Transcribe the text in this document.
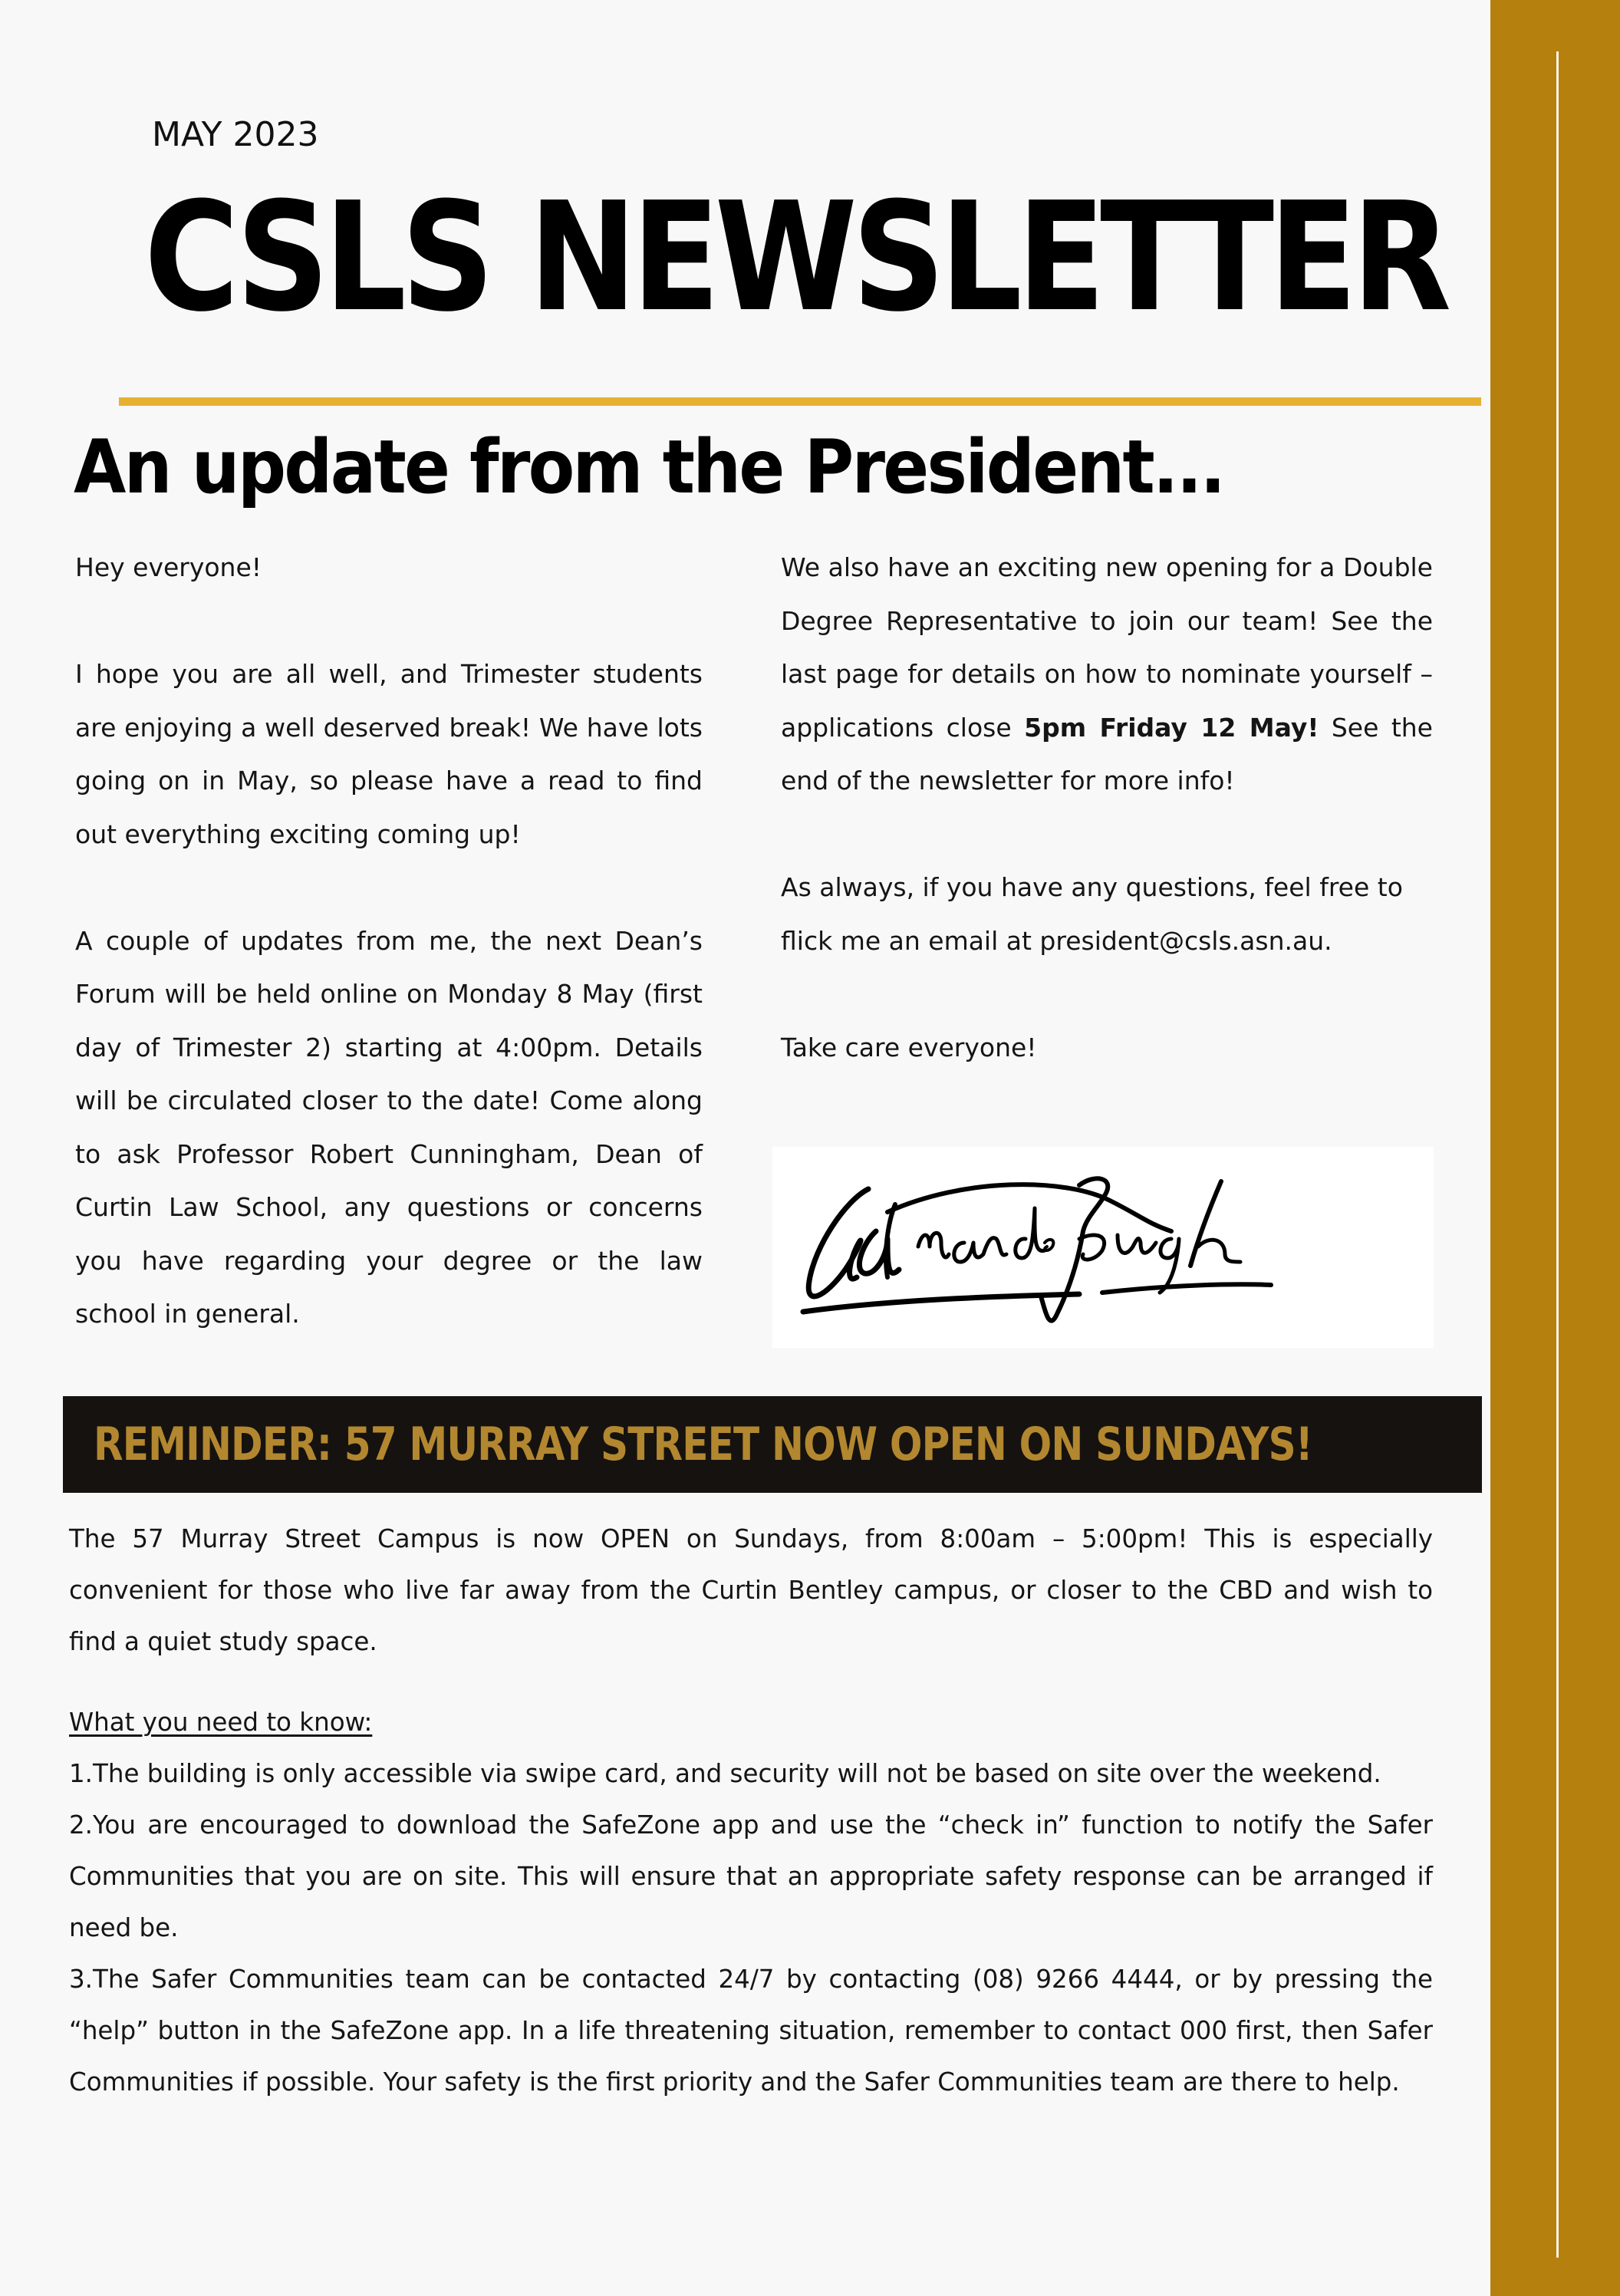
MAY 2023
CSLS NEWSLETTER
An update from the President...

Hey everyone!

I hope you are all well, and Trimester students are enjoying a well deserved break! We have lots going on in May, so please have a read to find out everything exciting coming up!

A couple of updates from me, the next Dean’s Forum will be held online on Monday 8 May (first day of Trimester 2) starting at 4:00pm. Details will be circulated closer to the date! Come along to ask Professor Robert Cunningham, Dean of Curtin Law School, any questions or concerns you have regarding your degree or the law school in general.

We also have an exciting new opening for a Double Degree Representative to join our team! See the last page for details on how to nominate yourself – applications close 5pm Friday 12 May! See the end of the newsletter for more info!

As always, if you have any questions, feel free to flick me an email at president@csls.asn.au.

Take care everyone!

REMINDER: 57 MURRAY STREET NOW OPEN ON SUNDAYS!

The 57 Murray Street Campus is now OPEN on Sundays, from 8:00am – 5:00pm! This is especially convenient for those who live far away from the Curtin Bentley campus, or closer to the CBD and wish to find a quiet study space.

What you need to know:

1.The building is only accessible via swipe card, and security will not be based on site over the weekend.

2.You are encouraged to download the SafeZone app and use the “check in” function to notify the Safer Communities that you are on site. This will ensure that an appropriate safety response can be arranged if need be.

3.The Safer Communities team can be contacted 24/7 by contacting (08) 9266 4444, or by pressing the “help” button in the SafeZone app. In a life threatening situation, remember to contact 000 first, then Safer Communities if possible. Your safety is the first priority and the Safer Communities team are there to help.
